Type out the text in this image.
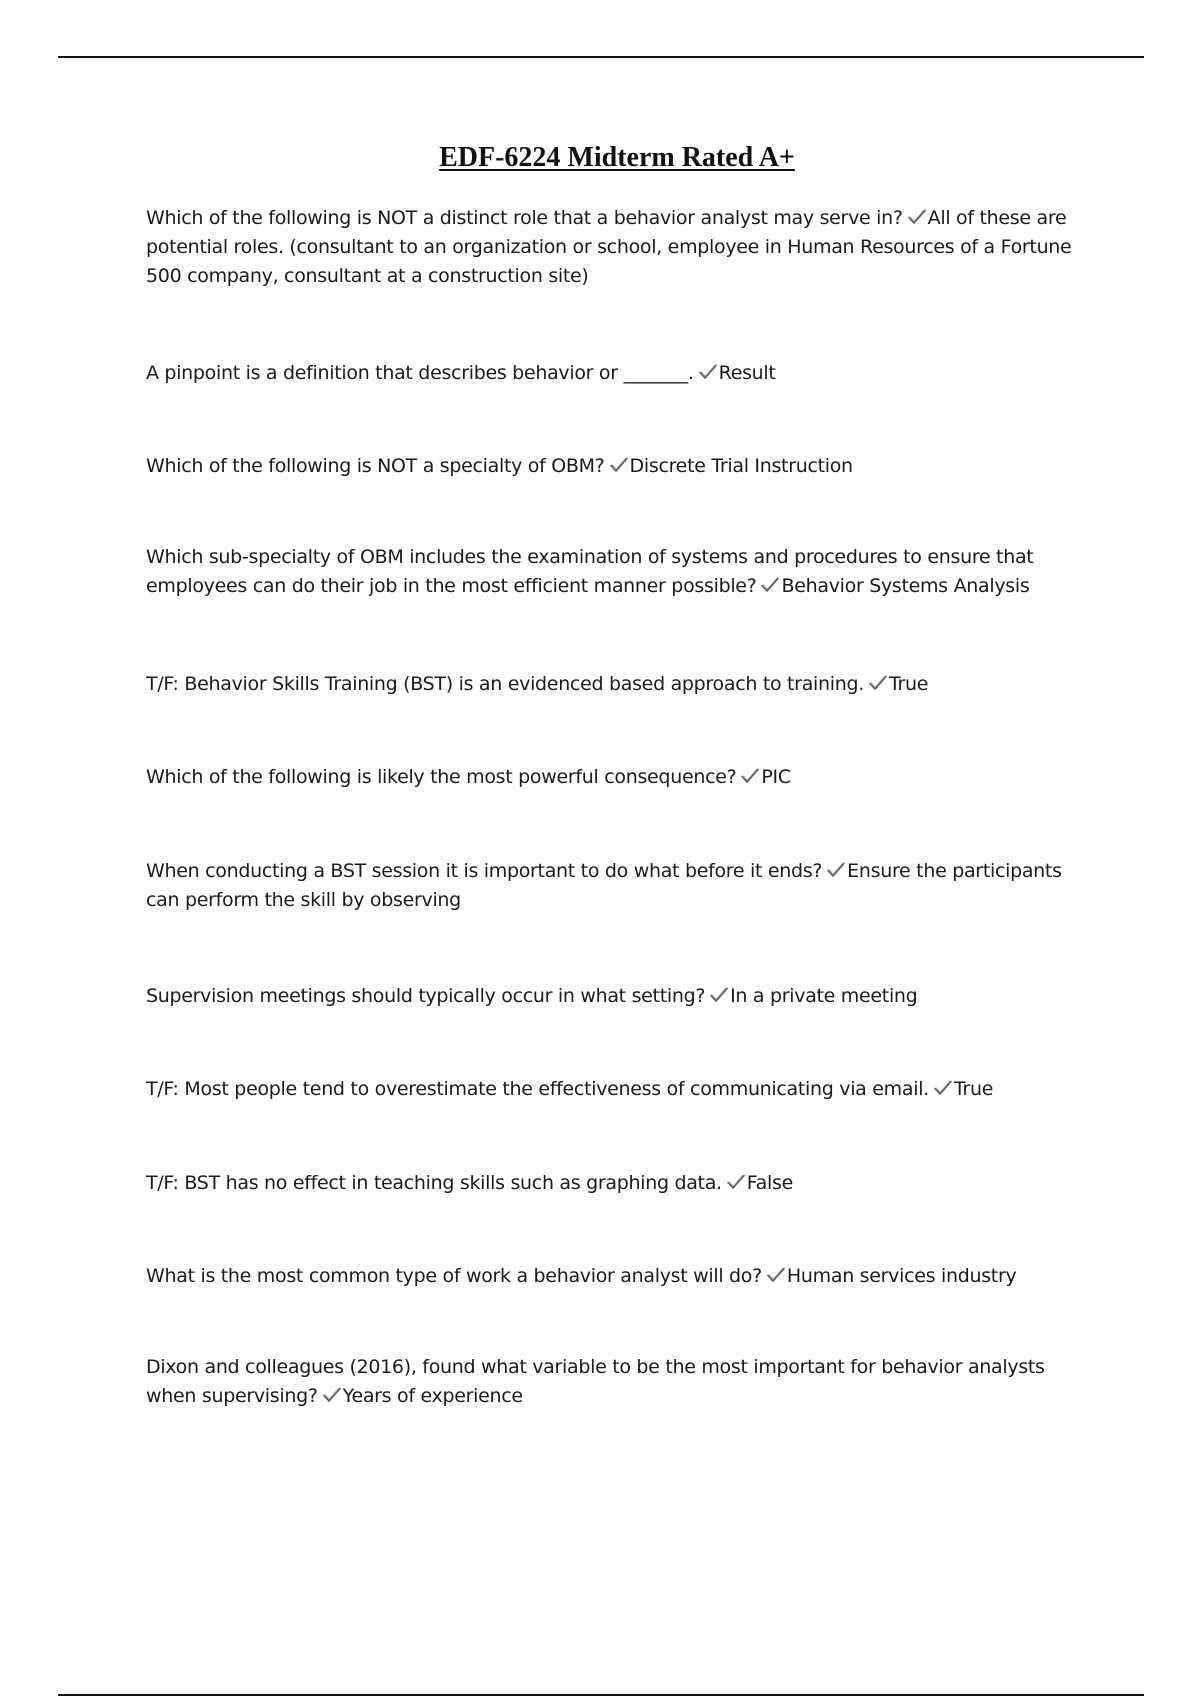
EDF-6224 Midterm Rated A+
Which of the following is NOT a distinct role that a behavior analyst may serve in? All of these are potential roles. (consultant to an organization or school, employee in Human Resources of a Fortune 500 company, consultant at a construction site)
A pinpoint is a definition that describes behavior or _______. Result
Which of the following is NOT a specialty of OBM? Discrete Trial Instruction
Which sub-specialty of OBM includes the examination of systems and procedures to ensure that employees can do their job in the most efficient manner possible? Behavior Systems Analysis
T/F: Behavior Skills Training (BST) is an evidenced based approach to training. True
Which of the following is likely the most powerful consequence? PIC
When conducting a BST session it is important to do what before it ends? Ensure the participants can perform the skill by observing
Supervision meetings should typically occur in what setting? In a private meeting
T/F: Most people tend to overestimate the effectiveness of communicating via email. True
T/F: BST has no effect in teaching skills such as graphing data. False
What is the most common type of work a behavior analyst will do? Human services industry
Dixon and colleagues (2016), found what variable to be the most important for behavior analysts when supervising? Years of experience
